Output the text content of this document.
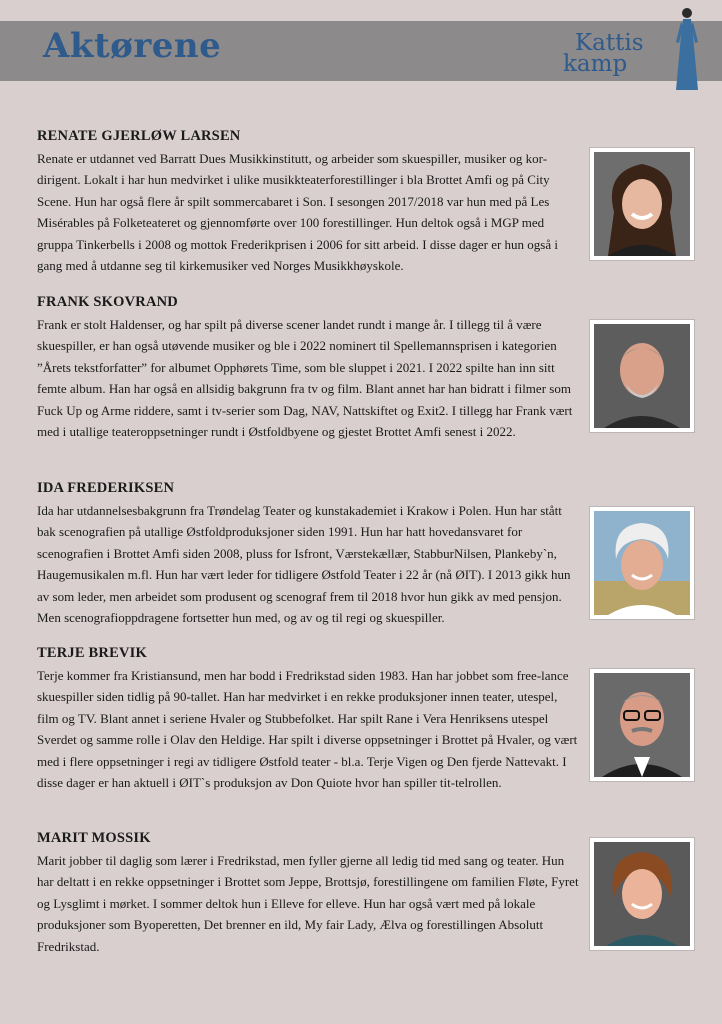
Aktørene	Kattis
kamp
RENATE GJERLØW LARSEN

Renate er utdannet ved Barratt Dues Musikkinstitutt, og arbeider som skuespiller, musiker og kor-dirigent. Lokalt i har hun medvirket i ulike musikkteaterforestillinger i bla Brottet Amfi og på City Scene. Hun har også flere år spilt sommercabaret i Son. I sesongen 2017/2018 var hun med på Les Misérables på Folketeateret og gjennomførte over 100 forestillinger. Hun deltok også i MGP med gruppa Tinkerbells i 2008 og mottok Frederikprisen i 2006 for sitt arbeid. I disse dager er hun også i gang med å utdanne seg til kirkemusiker ved Norges Musikkhøyskole.

FRANK SKOVRAND

Frank er stolt Haldenser, og har spilt på diverse scener landet rundt i mange år. I tillegg til å være skuespiller, er han også utøvende musiker og ble i 2022 nominert til Spellemannsprisen i kategorien ”Årets tekstforfatter” for albumet Opphørets Time, som ble sluppet i 2021. I 2022 spilte han inn sitt femte album. Han har også en allsidig bakgrunn fra tv og film. Blant annet har han bidratt i filmer som Fuck Up og Arme riddere, samt i tv-serier som Dag, NAV, Nattskiftet og Exit2. I tillegg har Frank vært med i utallige teateroppsetninger rundt i Østfoldbyene og gjestet Brottet Amfi senest i 2022.

IDA FREDERIKSEN

Ida har utdannelsesbakgrunn fra Trøndelag Teater og kunstakademiet i Krakow i Polen. Hun har stått bak scenografien på utallige Østfoldproduksjoner siden 1991. Hun har hatt hovedansvaret for scenografien i Brottet Amfi siden 2008, pluss for Isfront, Værstekællær, StabburNilsen, Plankeby`n, Haugemusikalen m.fl. Hun har vært leder for tidligere Østfold Teater i 22 år (nå ØIT). I 2013 gikk hun av som leder, men arbeidet som produsent og scenograf frem til 2018 hvor hun gikk av med pensjon. Men scenografioppdragene fortsetter hun med, og av og til regi og skuespiller.

TERJE BREVIK

Terje kommer fra Kristiansund, men har bodd i Fredrikstad siden 1983. Han har jobbet som free-lance skuespiller siden tidlig på 90-tallet. Han har medvirket i en rekke produksjoner innen teater, utespel, film og TV. Blant annet i seriene Hvaler og Stubbefolket. Har spilt Rane i Vera Henriksens utespel Sverdet og samme rolle i Olav den Heldige. Har spilt i diverse oppsetninger i Brottet på Hvaler, og vært med i flere oppsetninger i regi av tidligere Østfold teater - bl.a. Terje Vigen og Den fjerde Nattevakt. I disse dager er han aktuell i ØIT`s produksjon av Don Quiote hvor han spiller tit-telrollen.

MARIT MOSSIK

Marit jobber til daglig som lærer i Fredrikstad, men fyller gjerne all ledig tid med sang og teater. Hun har deltatt i en rekke oppsetninger i Brottet som Jeppe, Brottsjø, forestillingene om familien Fløte, Fyret og Lysglimt i mørket. I sommer deltok hun i Elleve for elleve. Hun har også vært med på lokale produksjoner som Byoperetten, Det brenner en ild, My fair Lady, Ælva og forestillingen Absolutt Fredrikstad.
